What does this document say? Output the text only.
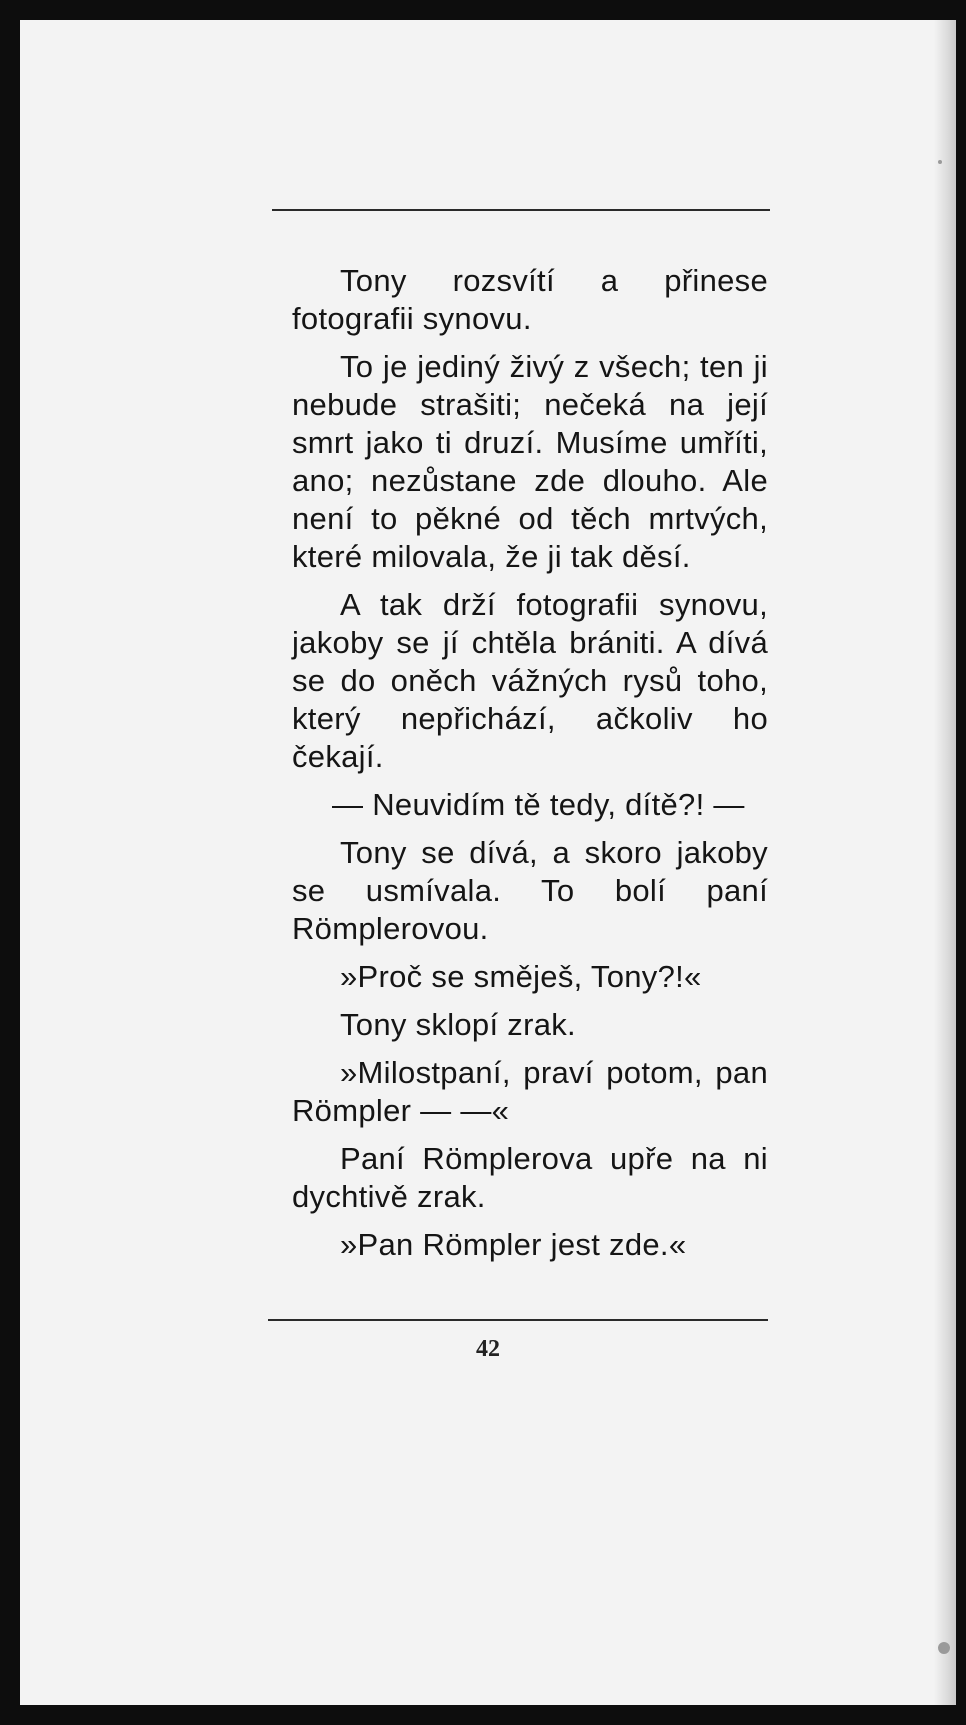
Tony rozsvítí a přinese fotografii synovu.

To je jediný živý z všech; ten ji nebude strašiti; nečeká na její smrt jako ti druzí. Musíme umříti, ano; nezůstane zde dlouho. Ale není to pěkné od těch mrtvých, které milovala, že ji tak děsí.

A tak drží fotografii synovu, jakoby se jí chtěla brániti. A dívá se do oněch vážných rysů toho, který nepřichází, ačkoliv ho čekají.

— Neuvidím tě tedy, dítě?! —

Tony se dívá, a skoro jakoby se usmívala. To bolí paní Römplerovou.

»Proč se směješ, Tony?!«

Tony sklopí zrak.

»Milostpaní, praví potom, pan Römpler — —«

Paní Römplerova upře na ni dychtivě zrak.

»Pan Römpler jest zde.«

42
